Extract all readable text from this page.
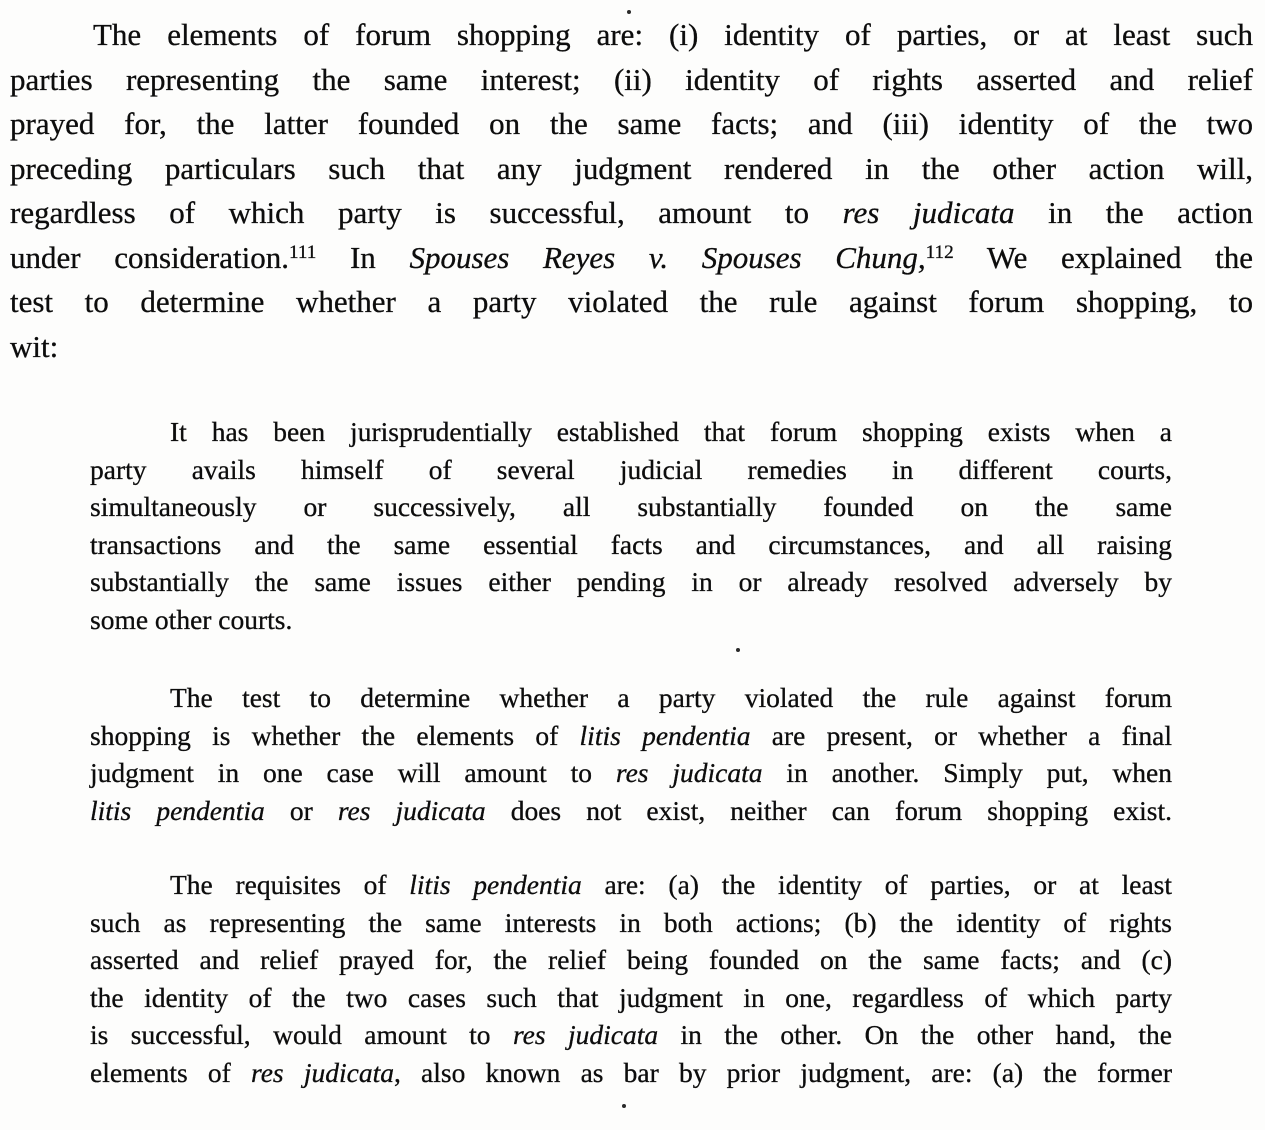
The elements of forum shopping are: (i) identity of parties, or at least such
parties representing the same interest; (ii) identity of rights asserted and relief
prayed for, the latter founded on the same facts; and (iii) identity of the two
preceding particulars such that any judgment rendered in the other action will,
regardless of which party is successful, amount to res judicata in the action
under consideration.$^{111}$ In Spouses Reyes v. Spouses Chung,$^{112}$ We explained the
test to determine whether a party violated the rule against forum shopping, to
wit:
It has been jurisprudentially established that forum shopping exists when a
party avails himself of several judicial remedies in different courts,
simultaneously or successively, all substantially founded on the same
transactions and the same essential facts and circumstances, and all raising
substantially the same issues either pending in or already resolved adversely by
some other courts.
The test to determine whether a party violated the rule against forum
shopping is whether the elements of litis pendentia are present, or whether a final
judgment in one case will amount to res judicata in another. Simply put, when
litis pendentia or res judicata does not exist, neither can forum shopping exist.
The requisites of litis pendentia are: (a) the identity of parties, or at least
such as representing the same interests in both actions; (b) the identity of rights
asserted and relief prayed for, the relief being founded on the same facts; and (c)
the identity of the two cases such that judgment in one, regardless of which party
is successful, would amount to res judicata in the other. On the other hand, the
elements of res judicata, also known as bar by prior judgment, are: (a) the former
